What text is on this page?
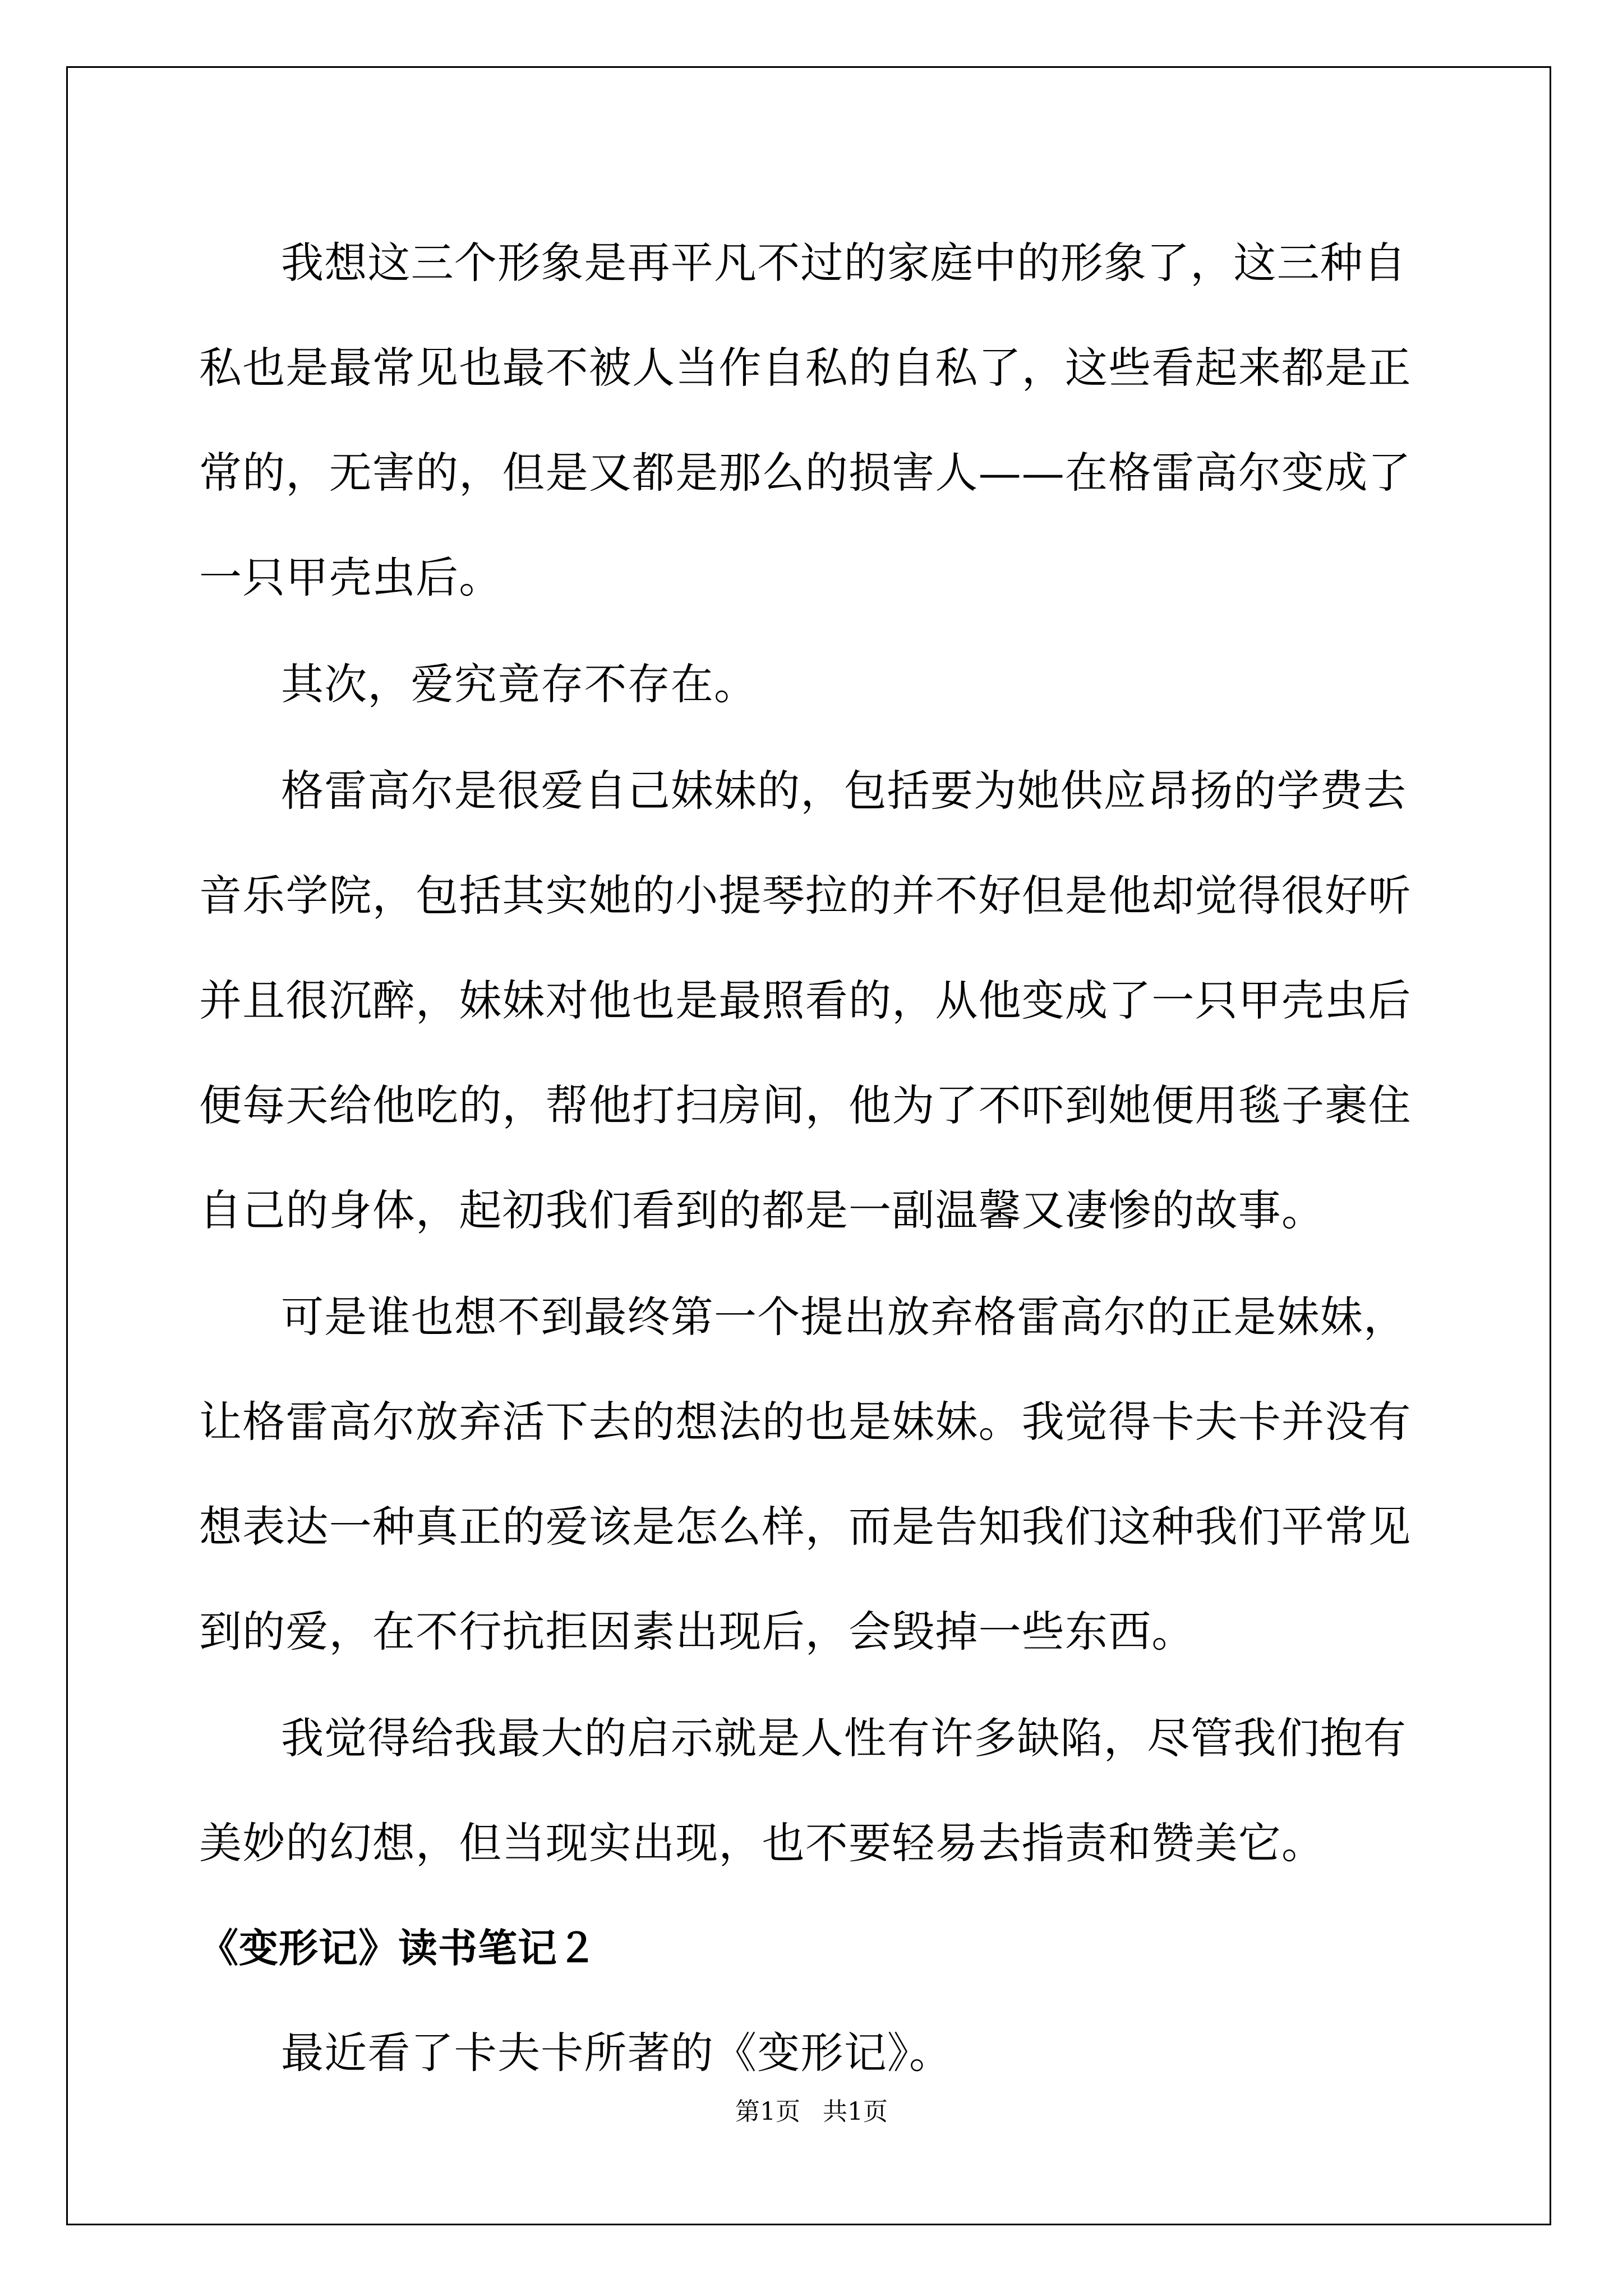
我想这三个形象是再平凡不过的家庭中的形象了，这三种自私也是最常见也最不被人当作自私的自私了，这些看起来都是正常的，无害的，但是又都是那么的损害人——在格雷高尔变成了一只甲壳虫后。

其次，爱究竟存不存在。

格雷高尔是很爱自己妹妹的，包括要为她供应昂扬的学费去音乐学院，包括其实她的小提琴拉的并不好但是他却觉得很好听并且很沉醉，妹妹对他也是最照看的，从他变成了一只甲壳虫后便每天给他吃的，帮他打扫房间，他为了不吓到她便用毯子裹住自己的身体，起初我们看到的都是一副温馨又凄惨的故事。

可是谁也想不到最终第一个提出放弃格雷高尔的正是妹妹，让格雷高尔放弃活下去的想法的也是妹妹。我觉得卡夫卡并没有想表达一种真正的爱该是怎么样，而是告知我们这种我们平常见到的爱，在不行抗拒因素出现后，会毁掉一些东西。

我觉得给我最大的启示就是人性有许多缺陷，尽管我们抱有美妙的幻想，但当现实出现，也不要轻易去指责和赞美它。

《变形记》读书笔记２

最近看了卡夫卡所著的《变形记》。

第1页 共1页
